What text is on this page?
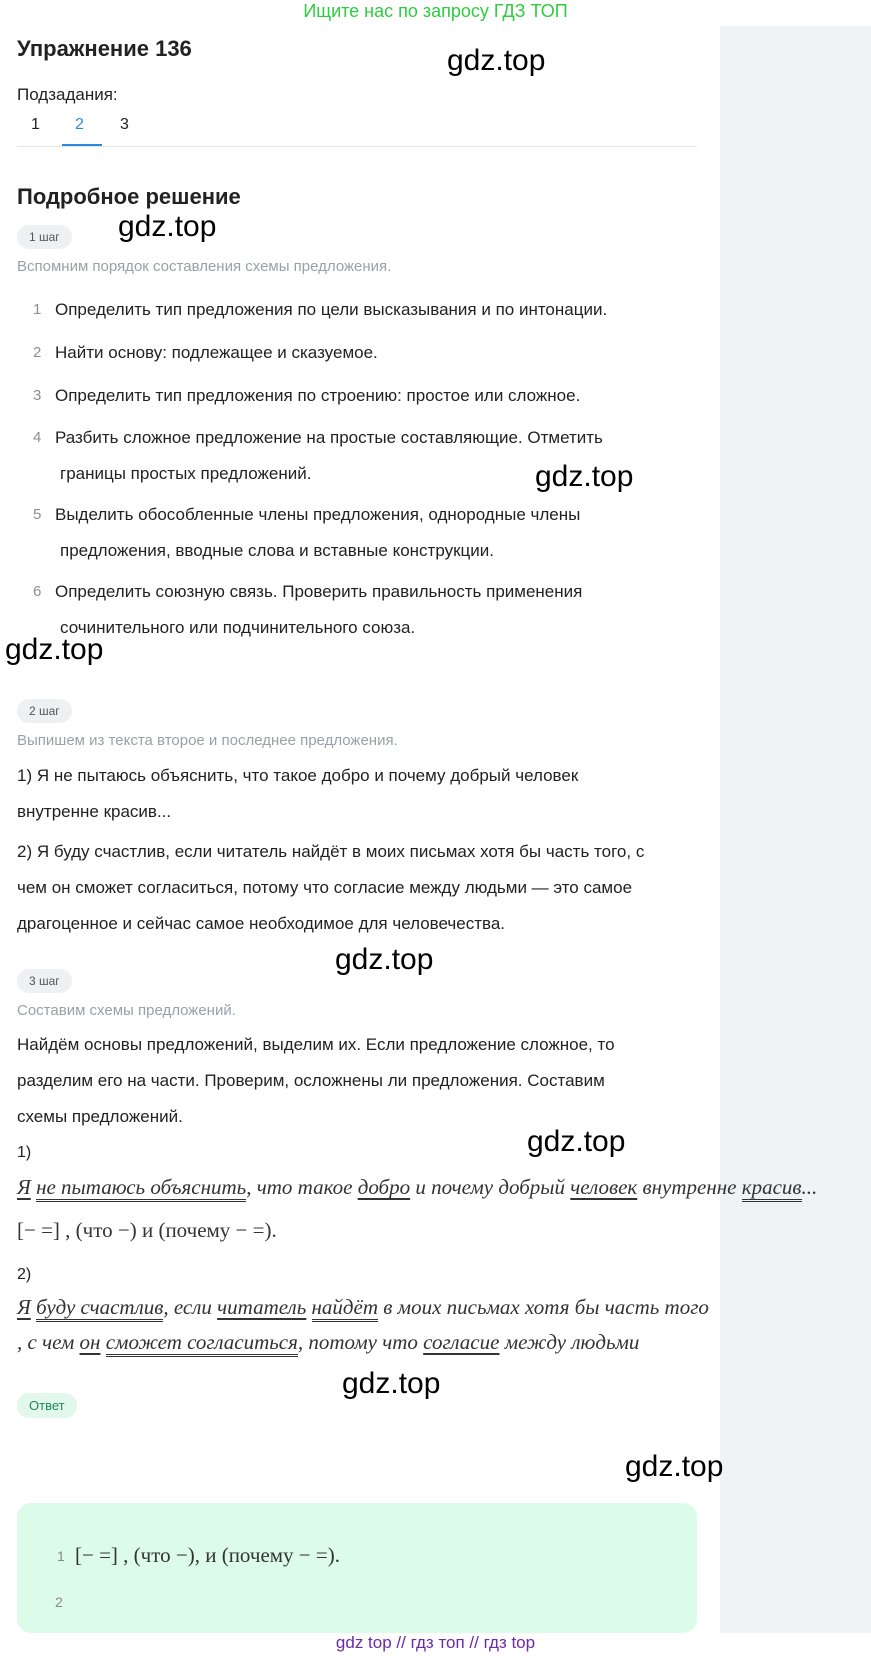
Ищите нас по запросу ГДЗ ТОП
Упражнение 136	gdz.top
Подзадания:
1 2 3
Подробное решение
1 шаг	gdz.top
Вспомним порядок составления схемы предложения.
1 Определить тип предложения по цели высказывания и по интонации.
2 Найти основу: подлежащее и сказуемое.
3 Определить тип предложения по строению: простое или сложное.
4 Разбить сложное предложение на простые составляющие. Отметить
границы простых предложений.	gdz.top
5 Выделить обособленные члены предложения, однородные члены
предложения, вводные слова и вставные конструкции.
6 Определить союзную связь. Проверить правильность применения
сочинительного или подчинительного союза.
gdz.top
2 шаг
Выпишем из текста второе и последнее предложения.
1) Я не пытаюсь объяснить, что такое добро и почему добрый человек
внутренне красив...
2) Я буду счастлив, если читатель найдёт в моих письмах хотя бы часть того, с
чем он сможет согласиться, потому что согласие между людьми — это самое
драгоценное и сейчас самое необходимое для человечества.
3 шаг
gdz.top
Составим схемы предложений.
Найдём основы предложений, выделим их. Если предложение сложное, то
разделим его на части. Проверим, осложнены ли предложения. Составим
схемы предложений.
1)	gdz.top
Я не пытаюсь объяснить, что такое добро и почему добрый человек внутренне красив...
[− =] , (что −) и (почему − =).
2)
Я буду счастлив, если читатель найдёт в моих письмах хотя бы часть того
, с чем он сможет согласиться, потому что согласие между людьми
gdz.top
Ответ
1 [− =] , (что −), и (почему − =).
2
gdz.top
gdz top // гдз топ // гдз top
